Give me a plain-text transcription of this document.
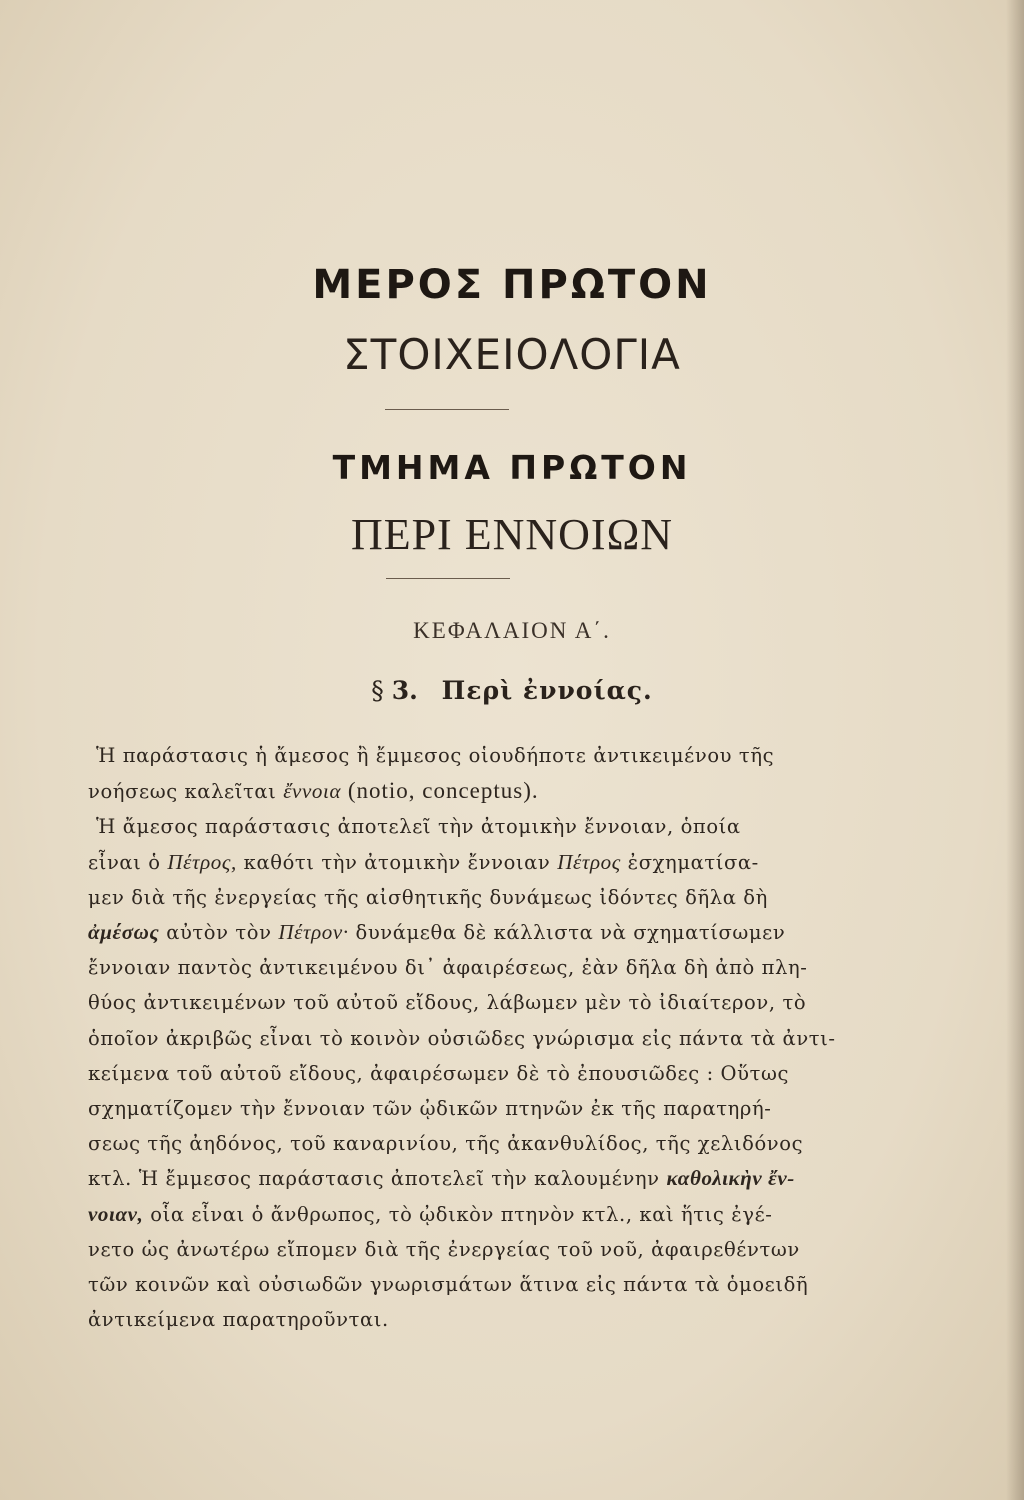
ΜΕΡΟΣ ΠΡΩΤΟΝ
ΣΤΟΙΧΕΙΟΛΟΓΙΑ
ΤΜΗΜΑ ΠΡΩΤΟΝ
ΠΕΡΙ ΕΝΝΟΙΩΝ
ΚΕΦΑΛΑΙΟΝ Α΄.
§ 3. Περὶ ἐννοίας.
Ἡ παράστασις ἡ ἄμεσος ἢ ἔμμεσος οἱουδήποτε ἀντικειμένου τῆς
νοήσεως καλεῖται ἔννοια (notio, conceptus).
Ἡ ἄμεσος παράστασις ἀποτελεῖ τὴν ἀτομικὴν ἔννοιαν, ὁποία
εἶναι ὁ Πέτρος, καθότι τὴν ἀτομικὴν ἔννοιαν Πέτρος ἐσχηματίσα-
μεν διὰ τῆς ἐνεργείας τῆς αἰσθητικῆς δυνάμεως ἰδόντες δῆλα δὴ
ἀμέσως αὐτὸν τὸν Πέτρον· δυνάμεθα δὲ κάλλιστα νὰ σχηματίσωμεν
ἔννοιαν παντὸς ἀντικειμένου δι᾽ ἀφαιρέσεως, ἐὰν δῆλα δὴ ἀπὸ πλη-
θύος ἀντικειμένων τοῦ αὐτοῦ εἴδους, λάβωμεν μὲν τὸ ἰδιαίτερον, τὸ
ὁποῖον ἀκριβῶς εἶναι τὸ κοινὸν οὐσιῶδες γνώρισμα εἰς πάντα τὰ ἀντι-
κείμενα τοῦ αὐτοῦ εἴδους, ἀφαιρέσωμεν δὲ τὸ ἐπουσιῶδες : Οὕτως
σχηματίζομεν τὴν ἔννοιαν τῶν ᾠδικῶν πτηνῶν ἐκ τῆς παρατηρή-
σεως τῆς ἀηδόνος, τοῦ καναρινίου, τῆς ἀκανθυλίδος, τῆς χελιδόνος
κτλ. Ἡ ἔμμεσος παράστασις ἀποτελεῖ τὴν καλουμένην καθολικὴν ἔν-
νοιαν, οἷα εἶναι ὁ ἄνθρωπος, τὸ ᾠδικὸν πτηνὸν κτλ., καὶ ἥτις ἐγέ-
νετο ὡς ἀνωτέρω εἴπομεν διὰ τῆς ἐνεργείας τοῦ νοῦ, ἀφαιρεθέντων
τῶν κοινῶν καὶ οὐσιωδῶν γνωρισμάτων ἅτινα εἰς πάντα τὰ ὁμοειδῆ
ἀντικείμενα παρατηροῦνται.
